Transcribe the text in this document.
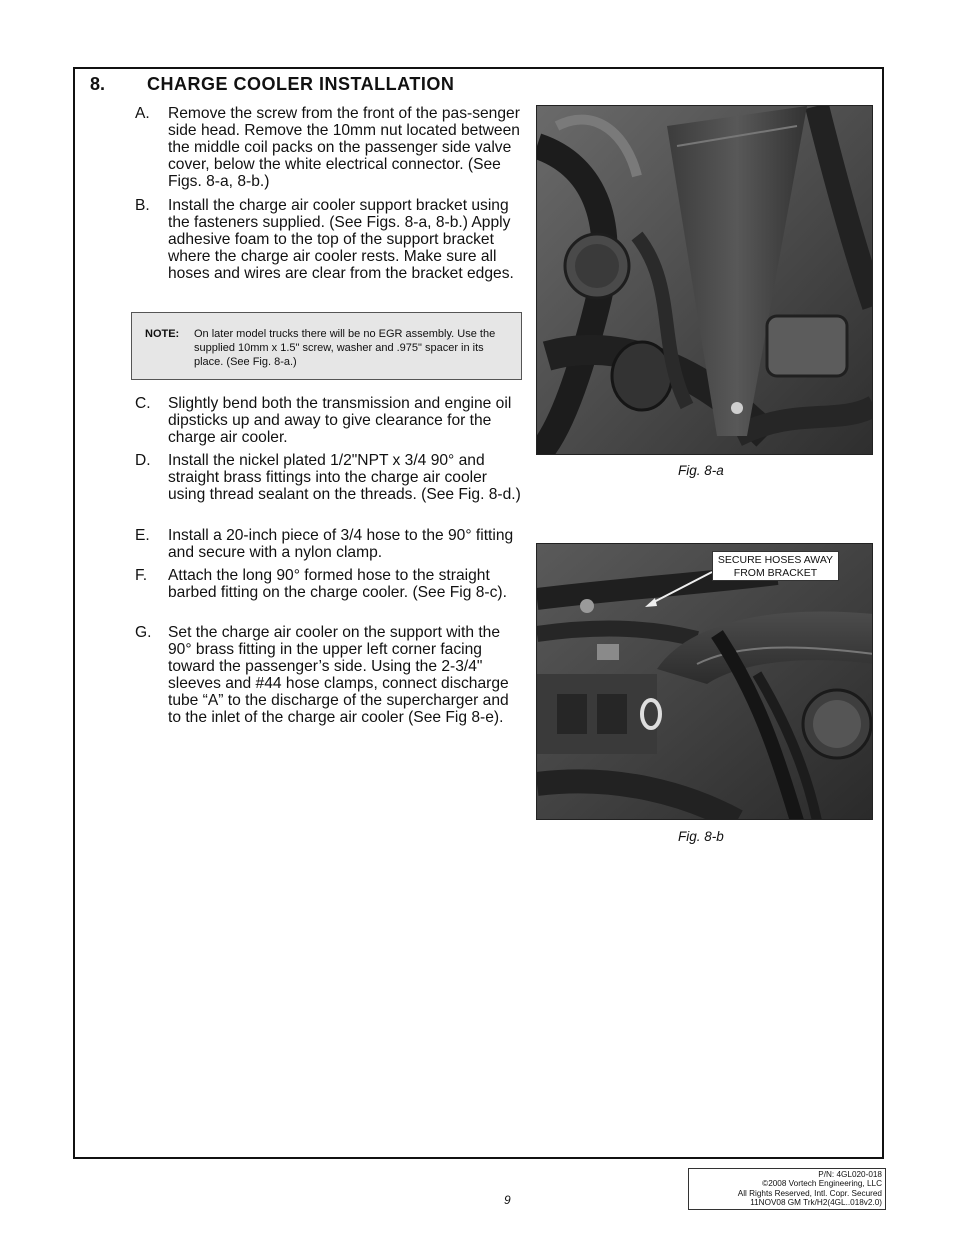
8. CHARGE COOLER INSTALLATION
A. Remove the screw from the front of the pas-senger side head. Remove the 10mm nut located between the middle coil packs on the passenger side valve cover, below the white electrical connector. (See Figs. 8-a, 8-b.)
B. Install the charge air cooler support bracket using the fasteners supplied. (See Figs. 8-a, 8-b.) Apply adhesive foam to the top of the support bracket where the charge air cooler rests. Make sure all hoses and wires are clear from the bracket edges.
NOTE: On later model trucks there will be no EGR assembly. Use the supplied 10mm x 1.5" screw, washer and .975" spacer in its place. (See Fig. 8-a.)
C. Slightly bend both the transmission and engine oil dipsticks up and away to give clearance for the charge air cooler.
D. Install the nickel plated 1/2"NPT x 3/4 90° and straight brass fittings into the charge air cooler using thread sealant on the threads. (See Fig. 8-d.)
E. Install a 20-inch piece of 3/4 hose to the 90° fitting and secure with a nylon clamp.
F. Attach the long 90° formed hose to the straight barbed fitting on the charge cooler. (See Fig 8-c).
G. Set the charge air cooler on the support with the 90° brass fitting in the upper left corner facing toward the passenger’s side. Using the 2-3/4" sleeves and #44 hose clamps, connect discharge tube “A” to the discharge of the supercharger and to the inlet of the charge air cooler (See Fig 8-e).
Fig. 8-a
SECURE HOSES AWAY
FROM BRACKET
Fig. 8-b
9
P/N: 4GL020-018
©2008 Vortech Engineering, LLC
All Rights Reserved, Intl. Copr. Secured
11NOV08 GM Trk/H2(4GL..018v2.0)
